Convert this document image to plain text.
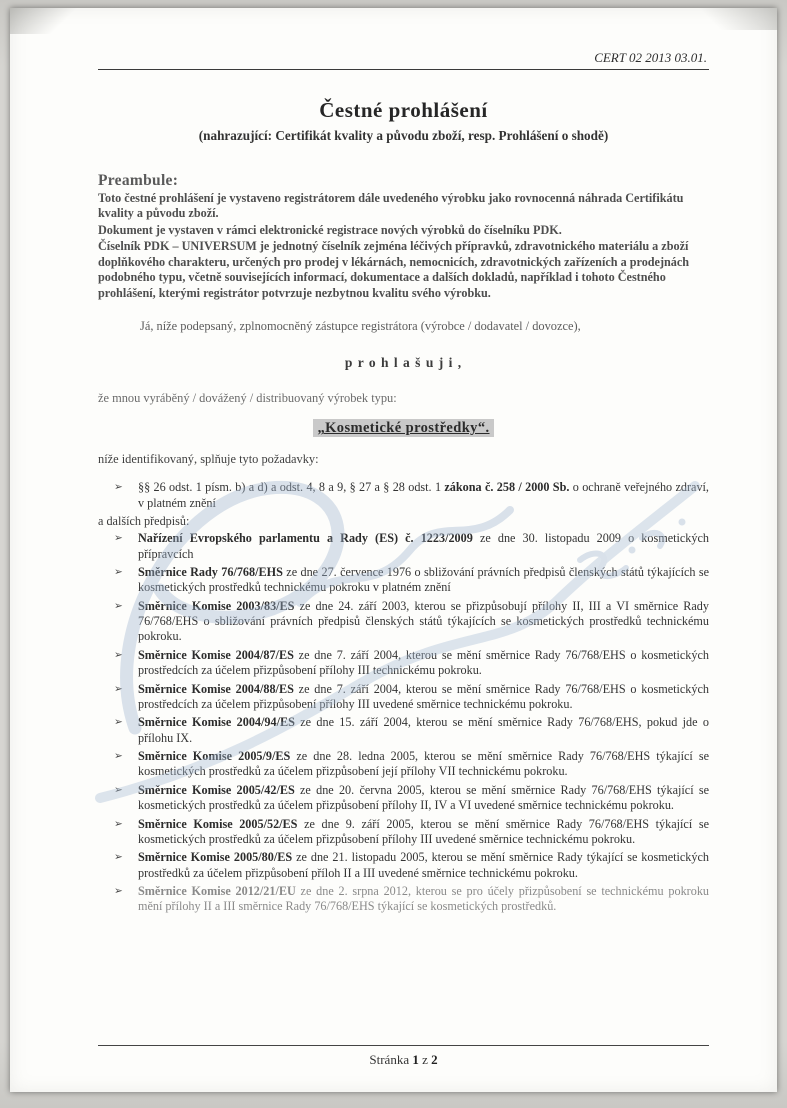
CERT 02 2013 03.01.
Čestné prohlášení
(nahrazující: Certifikát kvality a původu zboží, resp. Prohlášení o shodě)
Preambule:

Toto čestné prohlášení je vystaveno registrátorem dále uvedeného výrobku jako rovnocenná náhrada Certifikátu kvality a původu zboží.

Dokument je vystaven v rámci elektronické registrace nových výrobků do číselníku PDK.

Číselník PDK – UNIVERSUM je jednotný číselník zejména léčivých přípravků, zdravotnického materiálu a zboží doplňkového charakteru, určených pro prodej v lékárnách, nemocnicích, zdravotnických zařízeních a prodejnách podobného typu, včetně souvisejících informací, dokumentace a dalších dokladů, například i tohoto Čestného prohlášení, kterými registrátor potvrzuje nezbytnou kvalitu svého výrobku.

Já, níže podepsaný, zplnomocněný zástupce registrátora (výrobce / dodavatel / dovozce),
p r o h l a š u j i ,
že mnou vyráběný / dovážený / distribuovaný výrobek typu:
„Kosmetické prostředky“.
níže identifikovaný, splňuje tyto požadavky:
➢ §§ 26 odst. 1 písm. b) a d) a odst. 4, 8 a 9, § 27 a § 28 odst. 1 zákona č. 258 / 2000 Sb. o ochraně veřejného zdraví, v platném znění
a dalších předpisů:
➢ Nařízení Evropského parlamentu a Rady (ES) č. 1223/2009 ze dne 30. listopadu 2009 o kosmetických přípravcích
➢ Směrnice Rady 76/768/EHS ze dne 27. července 1976 o sbližování právních předpisů členských států týkajících se kosmetických prostředků technickému pokroku v platném znění
➢ Směrnice Komise 2003/83/ES ze dne 24. září 2003, kterou se přizpůsobují přílohy II, III a VI směrnice Rady 76/768/EHS o sbližování právních předpisů členských států týkajících se kosmetických prostředků technickému pokroku.
➢ Směrnice Komise 2004/87/ES ze dne 7. září 2004, kterou se mění směrnice Rady 76/768/EHS o kosmetických prostředcích za účelem přizpůsobení přílohy III technickému pokroku.
➢ Směrnice Komise 2004/88/ES ze dne 7. září 2004, kterou se mění směrnice Rady 76/768/EHS o kosmetických prostředcích za účelem přizpůsobení přílohy III uvedené směrnice technickému pokroku.
➢ Směrnice Komise 2004/94/ES ze dne 15. září 2004, kterou se mění směrnice Rady 76/768/EHS, pokud jde o přílohu IX.
➢ Směrnice Komise 2005/9/ES ze dne 28. ledna 2005, kterou se mění směrnice Rady 76/768/EHS týkající se kosmetických prostředků za účelem přizpůsobení její přílohy VII technickému pokroku.
➢ Směrnice Komise 2005/42/ES ze dne 20. června 2005, kterou se mění směrnice Rady 76/768/EHS týkající se kosmetických prostředků za účelem přizpůsobení přílohy II, IV a VI uvedené směrnice technickému pokroku.
➢ Směrnice Komise 2005/52/ES ze dne 9. září 2005, kterou se mění směrnice Rady 76/768/EHS týkající se kosmetických prostředků za účelem přizpůsobení přílohy III uvedené směrnice technickému pokroku.
➢ Směrnice Komise 2005/80/ES ze dne 21. listopadu 2005, kterou se mění směrnice Rady týkající se kosmetických prostředků za účelem přizpůsobení příloh II a III uvedené směrnice technickému pokroku.
➢ Směrnice Komise 2012/21/EU ze dne 2. srpna 2012, kterou se pro účely přizpůsobení se technickému pokroku mění přílohy II a III směrnice Rady 76/768/EHS týkající se kosmetických prostředků.
Stránka 1 z 2
